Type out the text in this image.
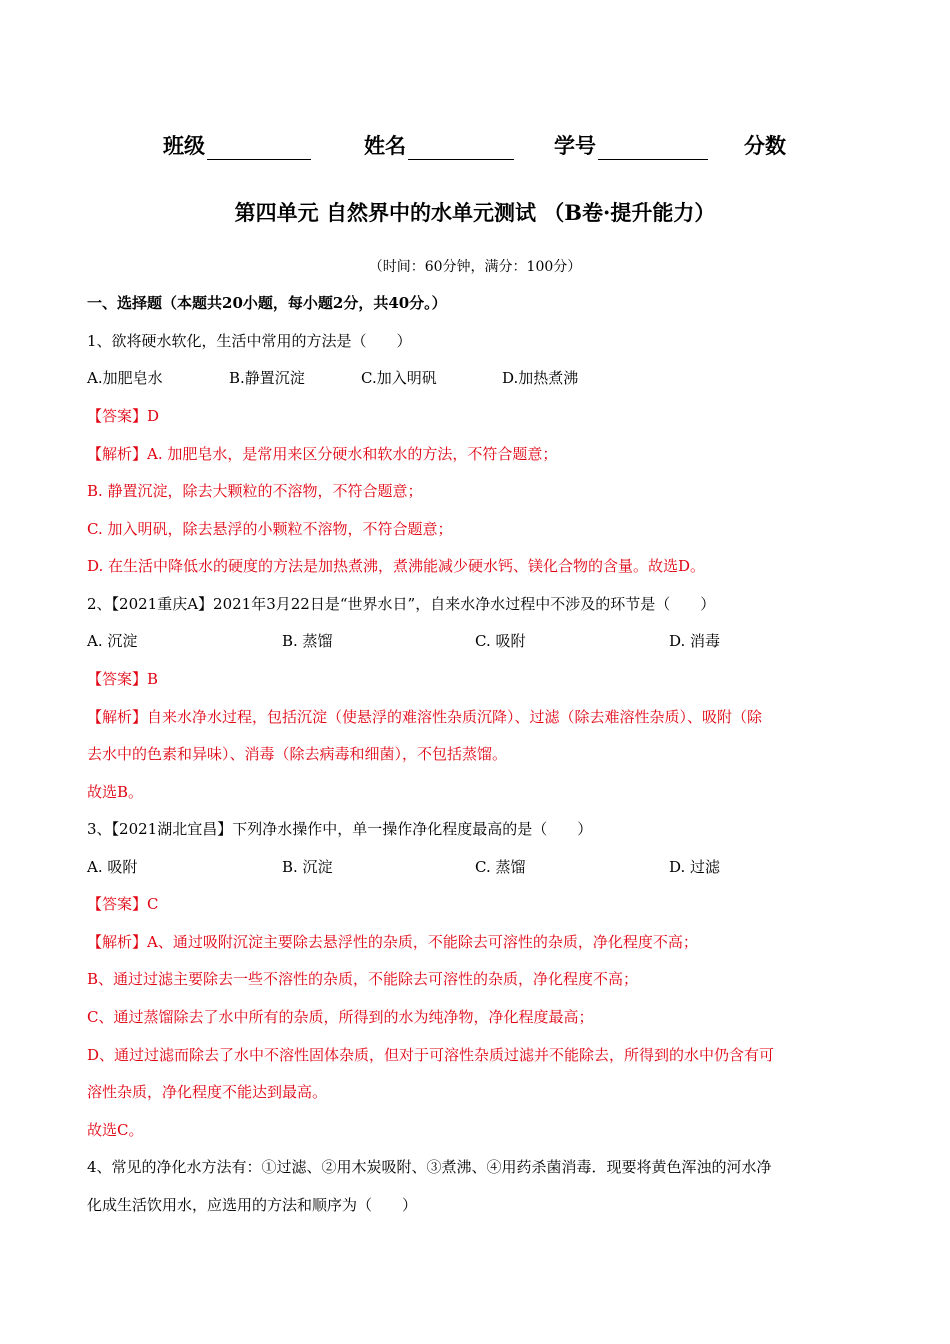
班级	姓名	学号	分数
第四单元 自然界中的水单元测试 （B卷·提升能力）
（时间：60分钟，满分：100分）
一、选择题（本题共20小题，每小题2分，共40分。）
1、欲将硬水软化，生活中常用的方法是（　　）
A.加肥皂水	B.静置沉淀	C.加入明矾	D.加热煮沸
【答案】D
【解析】A. 加肥皂水，是常用来区分硬水和软水的方法，不符合题意；
B. 静置沉淀，除去大颗粒的不溶物，不符合题意；
C. 加入明矾，除去悬浮的小颗粒不溶物，不符合题意；
D. 在生活中降低水的硬度的方法是加热煮沸，煮沸能减少硬水钙、镁化合物的含量。故选D。
2、【2021重庆A】2021年3月22日是“世界水日”，自来水净水过程中不涉及的环节是（　　）
A. 沉淀	B. 蒸馏	C. 吸附	D. 消毒
【答案】B
【解析】自来水净水过程，包括沉淀（使悬浮的难溶性杂质沉降）、过滤（除去难溶性杂质）、吸附（除
去水中的色素和异味）、消毒（除去病毒和细菌），不包括蒸馏。
故选B。
3、【2021湖北宜昌】下列净水操作中，单一操作净化程度最高的是（　　）
A. 吸附	B. 沉淀	C. 蒸馏	D. 过滤
【答案】C
【解析】A、通过吸附沉淀主要除去悬浮性的杂质，不能除去可溶性的杂质，净化程度不高；
B、通过过滤主要除去一些不溶性的杂质，不能除去可溶性的杂质，净化程度不高；
C、通过蒸馏除去了水中所有的杂质，所得到的水为纯净物，净化程度最高；
D、通过过滤而除去了水中不溶性固体杂质，但对于可溶性杂质过滤并不能除去，所得到的水中仍含有可
溶性杂质，净化程度不能达到最高。
故选C。
4、常见的净化水方法有：①过滤、②用木炭吸附、③煮沸、④用药杀菌消毒．现要将黄色浑浊的河水净
化成生活饮用水，应选用的方法和顺序为（　　）
